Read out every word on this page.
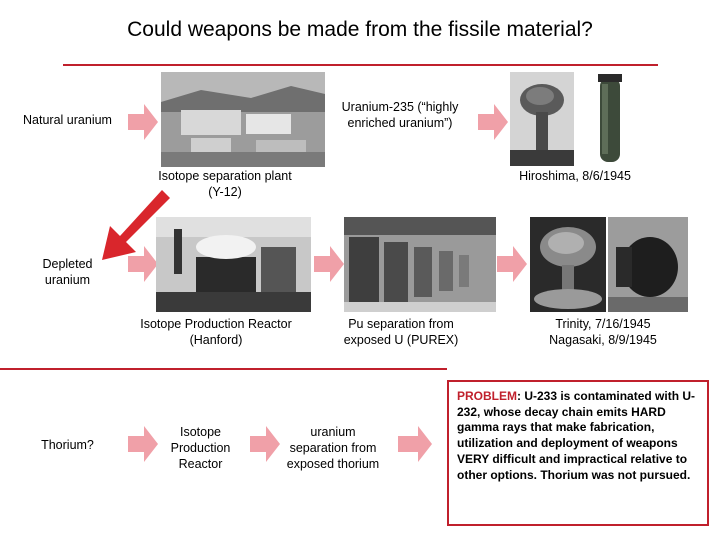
Could weapons be made from the fissile material?
Natural uranium
Uranium-235 (“highly enriched uranium”)
Isotope separation plant (Y-12)
Hiroshima, 8/6/1945
Depleted uranium
Isotope Production Reactor (Hanford)
Pu separation from exposed U (PUREX)
Trinity, 7/16/1945 Nagasaki, 8/9/1945
Thorium?
Isotope Production Reactor
uranium separation from exposed thorium
PROBLEM: U-233 is contaminated with U-232, whose decay chain emits HARD gamma rays that make fabrication, utilization and deployment of weapons VERY difficult and impractical relative to other options. Thorium was not pursued.
